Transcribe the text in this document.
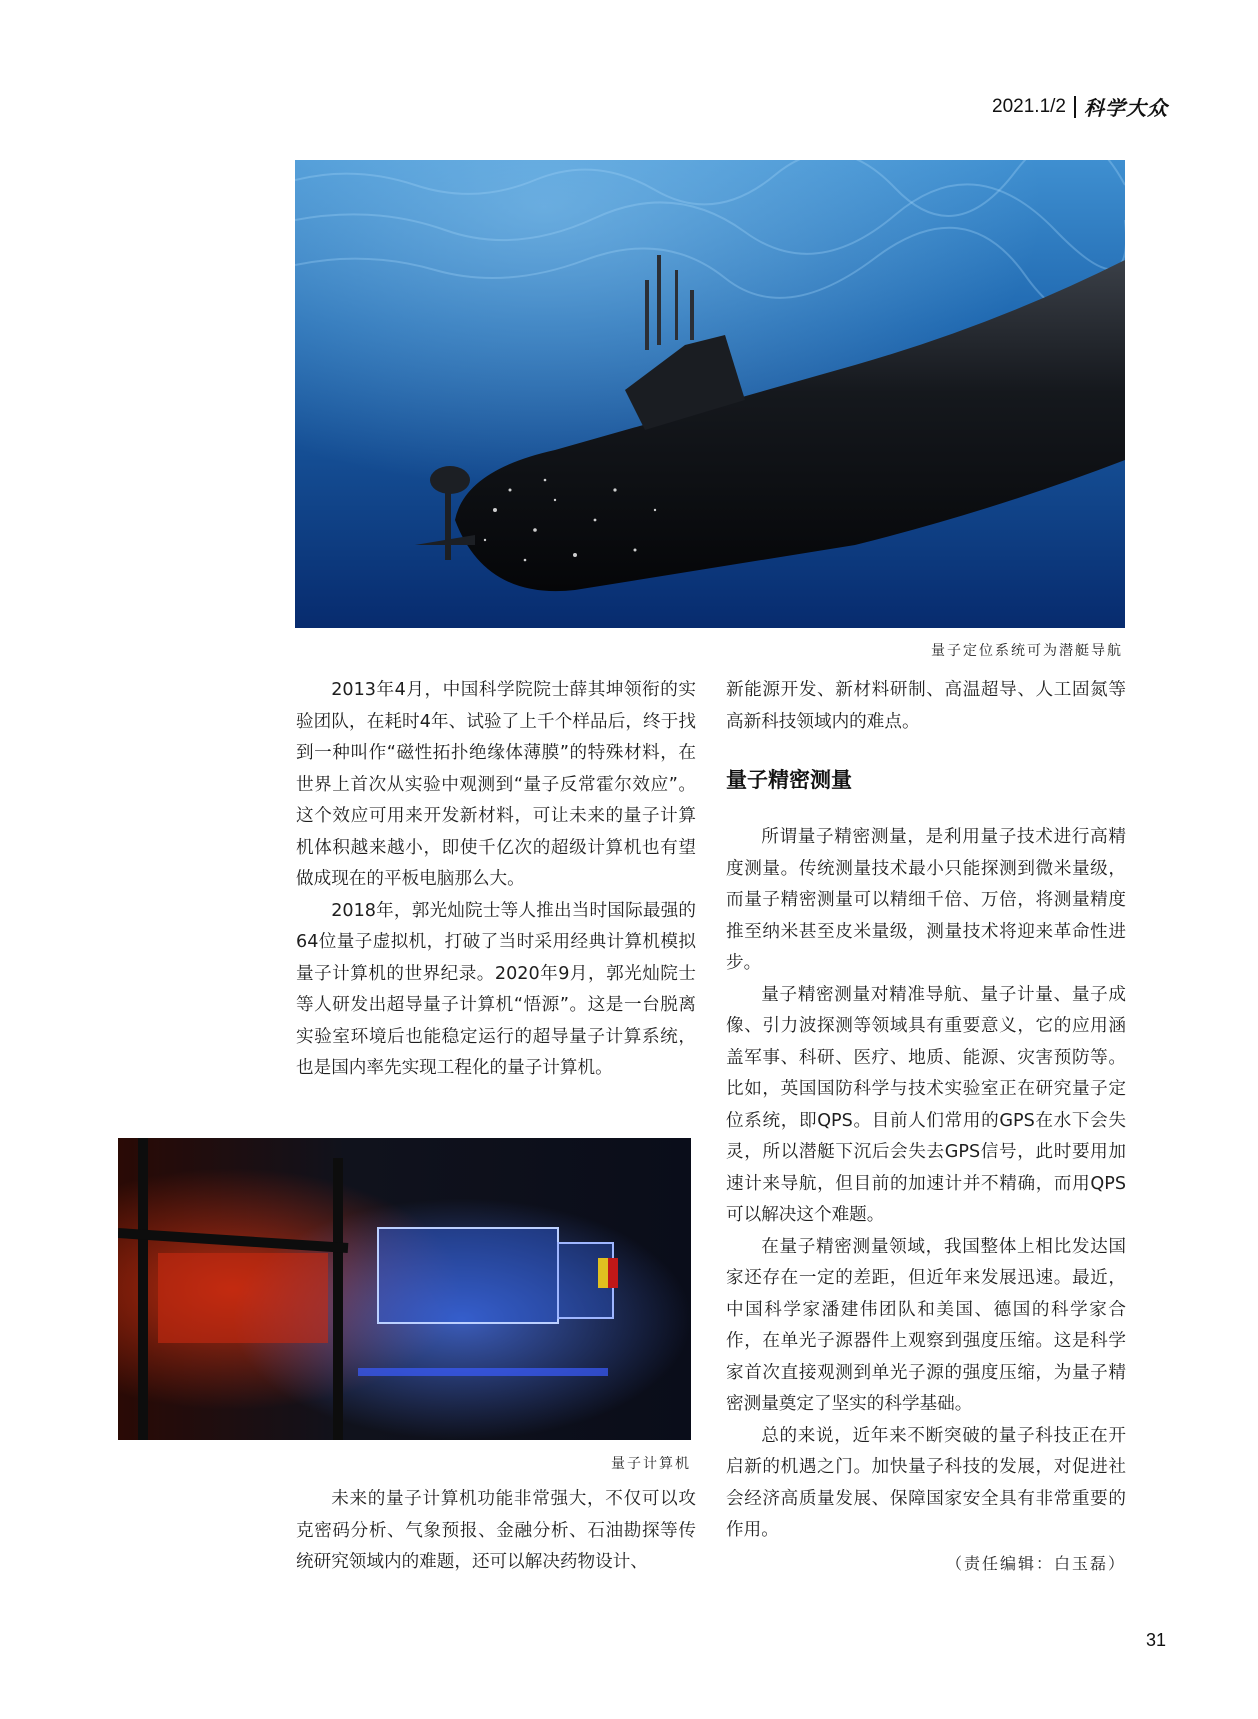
2021.1/2 科学大众
量子定位系统可为潜艇导航

2013年4月，中国科学院院士薛其坤领衔的实验团队，在耗时4年、试验了上千个样品后，终于找到一种叫作“磁性拓扑绝缘体薄膜”的特殊材料，在世界上首次从实验中观测到“量子反常霍尔效应”。这个效应可用来开发新材料，可让未来的量子计算机体积越来越小，即使千亿次的超级计算机也有望做成现在的平板电脑那么大。

2018年，郭光灿院士等人推出当时国际最强的64位量子虚拟机，打破了当时采用经典计算机模拟量子计算机的世界纪录。2020年9月，郭光灿院士等人研发出超导量子计算机“悟源”。这是一台脱离实验室环境后也能稳定运行的超导量子计算系统，也是国内率先实现工程化的量子计算机。

量子计算机

未来的量子计算机功能非常强大，不仅可以攻克密码分析、气象预报、金融分析、石油勘探等传统研究领域内的难题，还可以解决药物设计、

新能源开发、新材料研制、高温超导、人工固氮等高新科技领域内的难点。

量子精密测量

所谓量子精密测量，是利用量子技术进行高精度测量。传统测量技术最小只能探测到微米量级，而量子精密测量可以精细千倍、万倍，将测量精度推至纳米甚至皮米量级，测量技术将迎来革命性进步。

量子精密测量对精准导航、量子计量、量子成像、引力波探测等领域具有重要意义，它的应用涵盖军事、科研、医疗、地质、能源、灾害预防等。比如，英国国防科学与技术实验室正在研究量子定位系统，即QPS。目前人们常用的GPS在水下会失灵，所以潜艇下沉后会失去GPS信号，此时要用加速计来导航，但目前的加速计并不精确，而用QPS可以解决这个难题。

在量子精密测量领域，我国整体上相比发达国家还存在一定的差距，但近年来发展迅速。最近，中国科学家潘建伟团队和美国、德国的科学家合作，在单光子源器件上观察到强度压缩。这是科学家首次直接观测到单光子源的强度压缩，为量子精密测量奠定了坚实的科学基础。

总的来说，近年来不断突破的量子科技正在开启新的机遇之门。加快量子科技的发展，对促进社会经济高质量发展、保障国家安全具有非常重要的作用。

（责任编辑：白玉磊）
31
